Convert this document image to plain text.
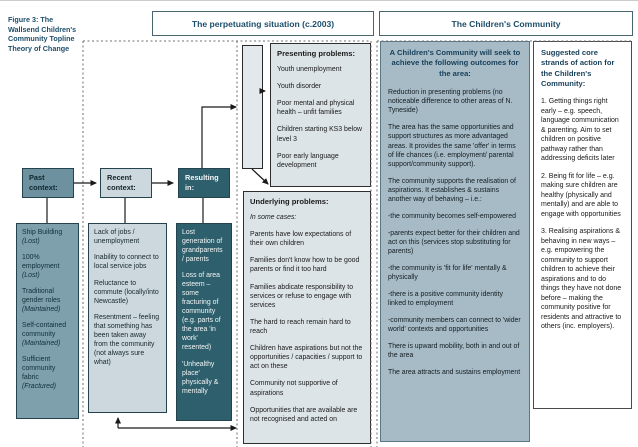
Figure 3: The Wallsend Children's Community Topline Theory of Change
The perpetuating situation (c.2003)	The Children's Community
Past context:
Recent context:
Resulting in:
Ship Building
(Lost)
100% employment
(Lost)
Traditional gender roles
(Maintained)
Self-contained community
(Maintained)
Sufficient community fabric
(Fractured)

Lack of jobs / unemployment

Inability to connect to local service jobs

Reluctance to commute (locally/into Newcastle)

Resentment – feeling that something has been taken away from the community (not always sure what)

Lost generation of grandparents / parents

Loss of area esteem – some fracturing of community (e.g. parts of the area 'in work' resented)

'Unhealthy place' physically & mentally

Presenting problems:

Youth unemployment

Youth disorder

Poor mental and physical health – unfit families

Children starting KS3 below level 3

Poor early language development

Underlying problems:

In some cases:

Parents have low expectations of their own children

Families don't know how to be good parents or find it too hard

Families abdicate responsibility to services or refuse to engage with services

The hard to reach remain hard to reach

Children have aspirations but not the opportunities / capacities / support to act on these

Community not supportive of aspirations

Opportunities that are available are not recognised and acted on

A Children's Community will seek to achieve the following outcomes for the area:

Reduction in presenting problems (no noticeable difference to other areas of N. Tyneside)

The area has the same opportunities and support structures as more advantaged areas. It provides the same 'offer' in terms of life chances (i.e. employment/ parental support/community support).

The community supports the realisation of aspirations. It establishes & sustains another way of behaving – i.e.:

-the community becomes self-empowered

-parents expect better for their children and act on this (services stop substituting for parents)

-the community is 'fit for life' mentally & physically

-there is a positive community identity linked to employment

-community members can connect to 'wider world' contexts and opportunities

There is upward mobility, both in and out of the area

The area attracts and sustains employment

Suggested core strands of action for the Children's Community:

1. Getting things right early – e.g. speech, language communication & parenting. Aim to set children on positive pathway rather than addressing deficits later

2. Being fit for life – e.g. making sure children are healthy (physically and mentally) and are able to engage with opportunities

3. Realising aspirations & behaving in new ways – e.g. empowering the community to support children to achieve their aspirations and to do things they have not done before – making the community positive for residents and attractive to others (inc. employers).
